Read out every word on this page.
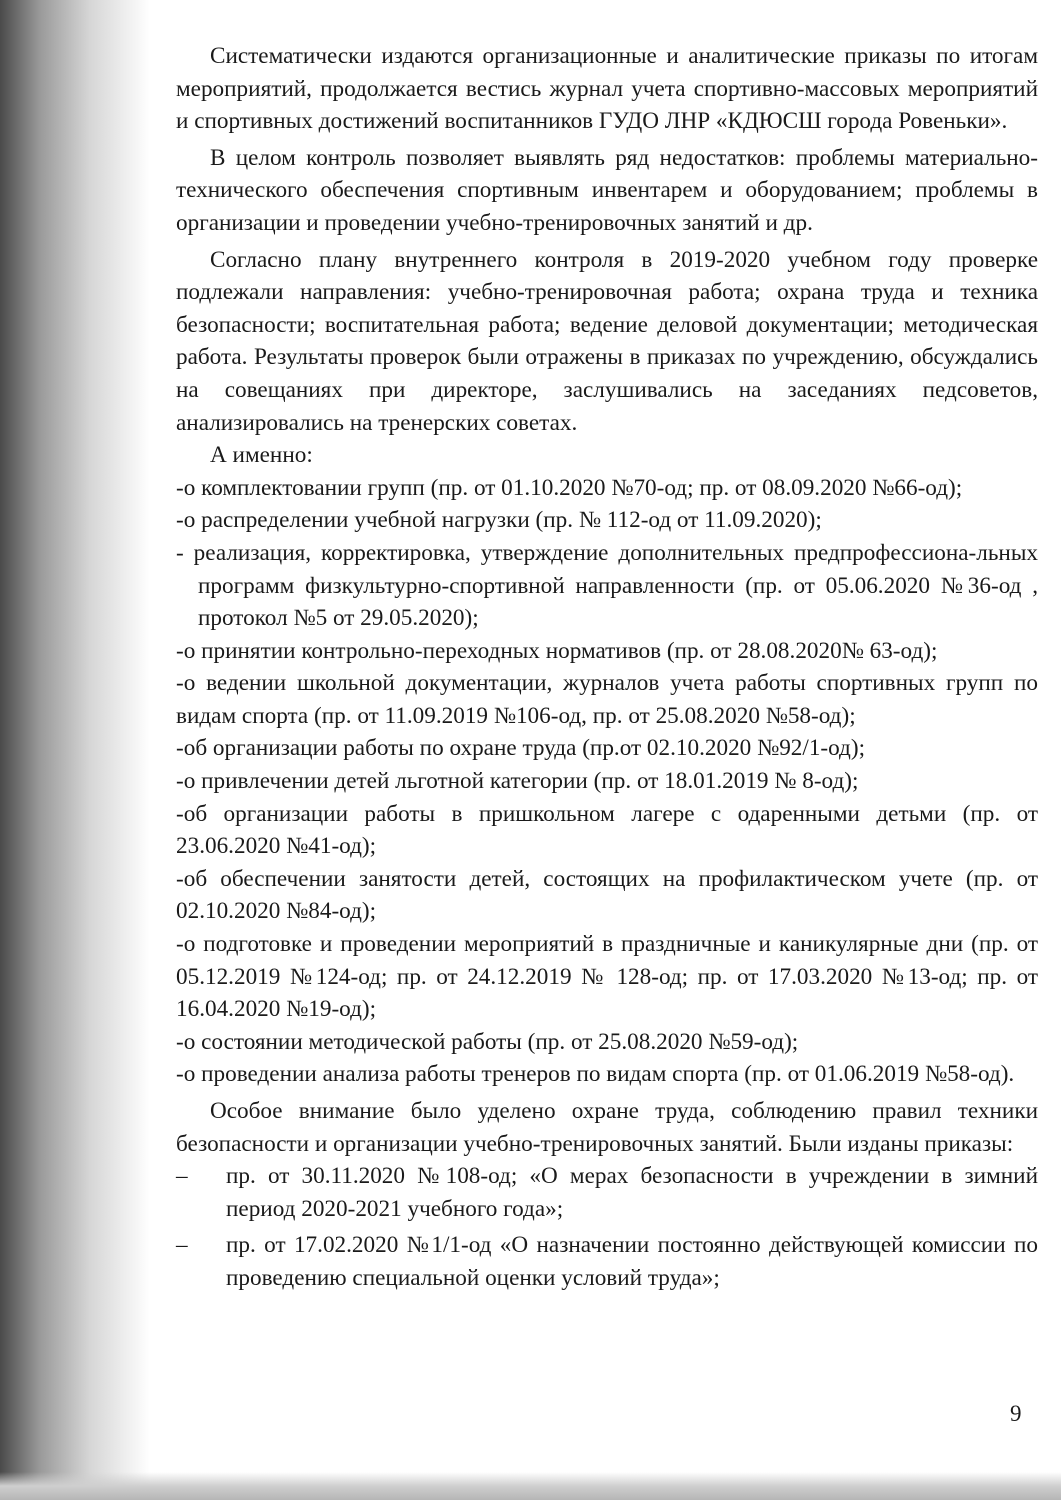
Систематически издаются организационные и аналитические приказы по итогам мероприятий, продолжается вестись журнал учета спортивно-массовых мероприятий и спортивных достижений воспитанников ГУДО ЛНР «КДЮСШ города Ровеньки».

В целом контроль позволяет выявлять ряд недостатков: проблемы материально-технического обеспечения спортивным инвентарем и оборудованием; проблемы в организации и проведении учебно-тренировочных занятий и др.

Согласно плану внутреннего контроля в 2019-2020 учебном году проверке подлежали направления: учебно-тренировочная работа; охрана труда и техника безопасности; воспитательная работа; ведение деловой документации; методическая работа. Результаты проверок были отражены в приказах по учреждению, обсуждались на совещаниях при директоре, заслушивались на заседаниях педсоветов, анализировались на тренерских советах.

А именно:

-о комплектовании групп (пр. от 01.10.2020 №70-од; пр. от 08.09.2020 №66-од);

-о распределении учебной нагрузки (пр. № 112-од от 11.09.2020);

- реализация, корректировка, утверждение дополнительных предпрофессиона-льных программ физкультурно-спортивной направленности (пр. от 05.06.2020 №36-од , протокол №5 от 29.05.2020);

-о принятии контрольно-переходных нормативов (пр. от 28.08.2020№ 63-од);

-о ведении школьной документации, журналов учета работы спортивных групп по видам спорта (пр. от 11.09.2019 №106-од, пр. от 25.08.2020 №58-од);

-об организации работы по охране труда (пр.от 02.10.2020 №92/1-од);

-о привлечении детей льготной категории (пр. от 18.01.2019 № 8-од);

-об организации работы в пришкольном лагере с одаренными детьми (пр. от 23.06.2020 №41-од);

-об обеспечении занятости детей, состоящих на профилактическом учете (пр. от 02.10.2020 №84-од);

-о подготовке и проведении мероприятий в праздничные и каникулярные дни (пр. от 05.12.2019 №124-од; пр. от 24.12.2019 № 128-од; пр. от 17.03.2020 №13-од; пр. от 16.04.2020 №19-од);

-о состоянии методической работы (пр. от 25.08.2020 №59-од);

-о проведении анализа работы тренеров по видам спорта (пр. от 01.06.2019 №58-од).

Особое внимание было уделено охране труда, соблюдению правил техники безопасности и организации учебно-тренировочных занятий. Были изданы приказы:

– пр. от 30.11.2020 №108-од; «О мерах безопасности в учреждении в зимний период 2020-2021 учебного года»;

– пр. от 17.02.2020 №1/1-од «О назначении постоянно действующей комиссии по проведению специальной оценки условий труда»;

9
